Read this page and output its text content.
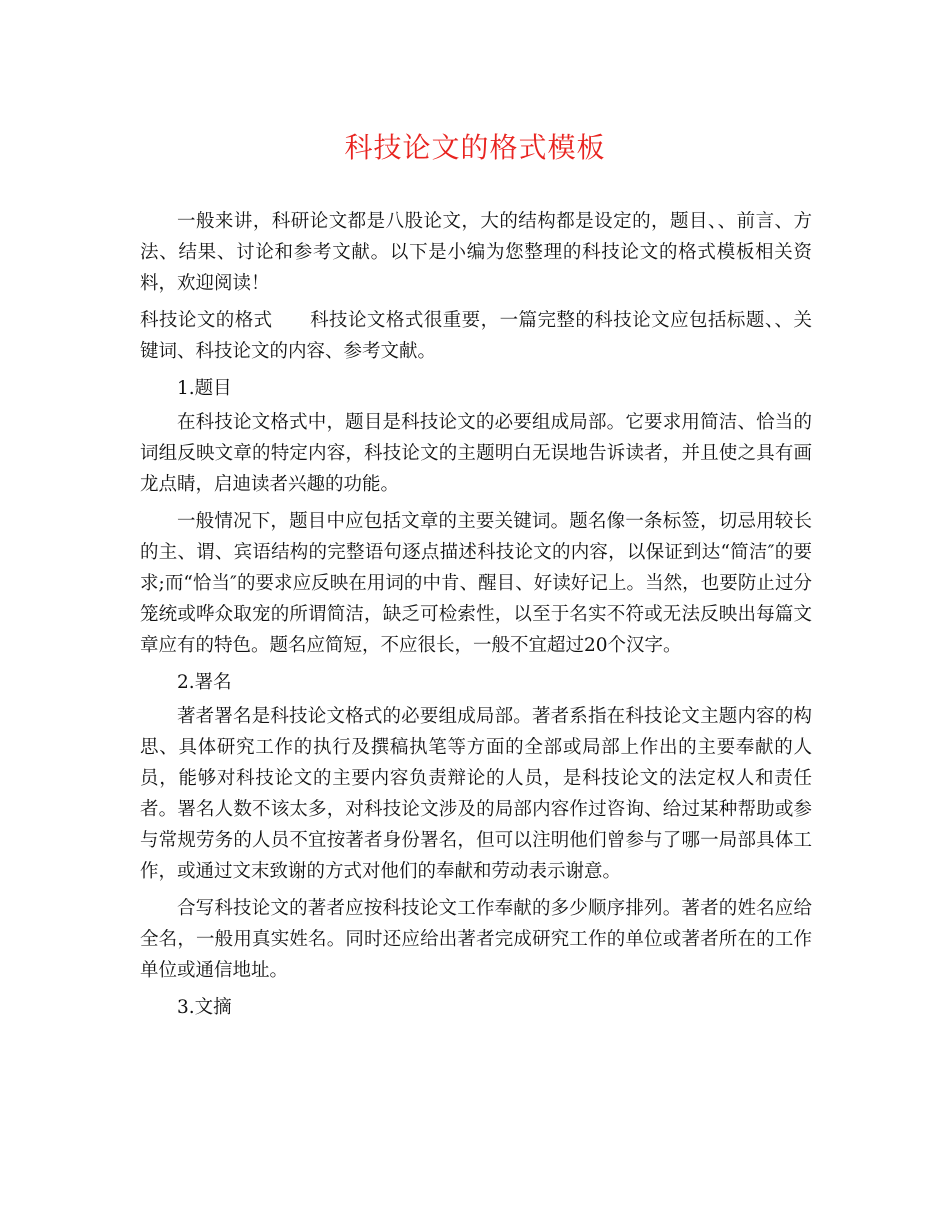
科技论文的格式模板

一般来讲，科研论文都是八股论文，大的结构都是设定的，题目、、前言、方法、结果、讨论和参考文献。以下是小编为您整理的科技论文的格式模板相关资料，欢迎阅读！

科技论文的格式 科技论文格式很重要，一篇完整的科技论文应包括标题、、关键词、科技论文的内容、参考文献。

1.题目

在科技论文格式中，题目是科技论文的必要组成局部。它要求用简洁、恰当的词组反映文章的特定内容，科技论文的主题明白无误地告诉读者，并且使之具有画龙点睛，启迪读者兴趣的功能。

一般情况下，题目中应包括文章的主要关键词。题名像一条标签，切忌用较长的主、谓、宾语结构的完整语句逐点描述科技论文的内容，以保证到达“简洁″的要求;而“恰当″的要求应反映在用词的中肯、醒目、好读好记上。当然，也要防止过分笼统或哗众取宠的所谓简洁，缺乏可检索性，以至于名实不符或无法反映出每篇文章应有的特色。题名应简短，不应很长，一般不宜超过20个汉字。

2.署名

著者署名是科技论文格式的必要组成局部。著者系指在科技论文主题内容的构思、具体研究工作的执行及撰稿执笔等方面的全部或局部上作出的主要奉献的人员，能够对科技论文的主要内容负责辩论的人员，是科技论文的法定权人和责任者。署名人数不该太多，对科技论文涉及的局部内容作过咨询、给过某种帮助或参与常规劳务的人员不宜按著者身份署名，但可以注明他们曾参与了哪一局部具体工作，或通过文末致谢的方式对他们的奉献和劳动表示谢意。

合写科技论文的著者应按科技论文工作奉献的多少顺序排列。著者的姓名应给全名，一般用真实姓名。同时还应给出著者完成研究工作的单位或著者所在的工作单位或通信地址。

3.文摘
